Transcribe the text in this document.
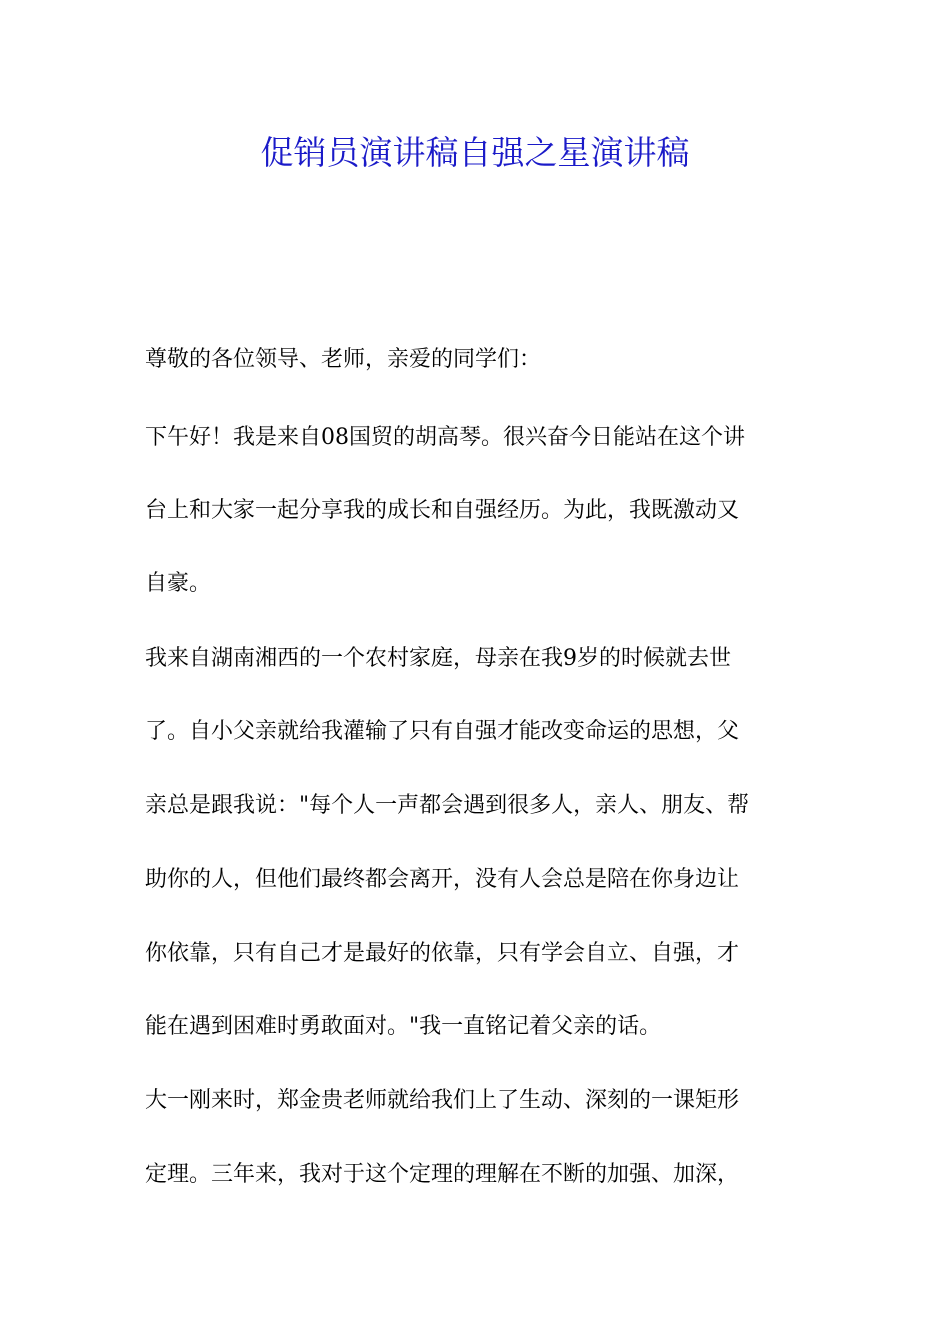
促销员演讲稿自强之星演讲稿
尊敬的各位领导、老师，亲爱的同学们：
下午好！我是来自08国贸的胡高琴。很兴奋今日能站在这个讲
台上和大家一起分享我的成长和自强经历。为此，我既激动又
自豪。
我来自湖南湘西的一个农村家庭，母亲在我9岁的时候就去世
了。自小父亲就给我灌输了只有自强才能改变命运的思想，父
亲总是跟我说："每个人一声都会遇到很多人，亲人、朋友、帮
助你的人，但他们最终都会离开，没有人会总是陪在你身边让
你依靠，只有自己才是最好的依靠，只有学会自立、自强，才
能在遇到困难时勇敢面对。"我一直铭记着父亲的话。
大一刚来时，郑金贵老师就给我们上了生动、深刻的一课矩形
定理。三年来，我对于这个定理的理解在不断的加强、加深，
